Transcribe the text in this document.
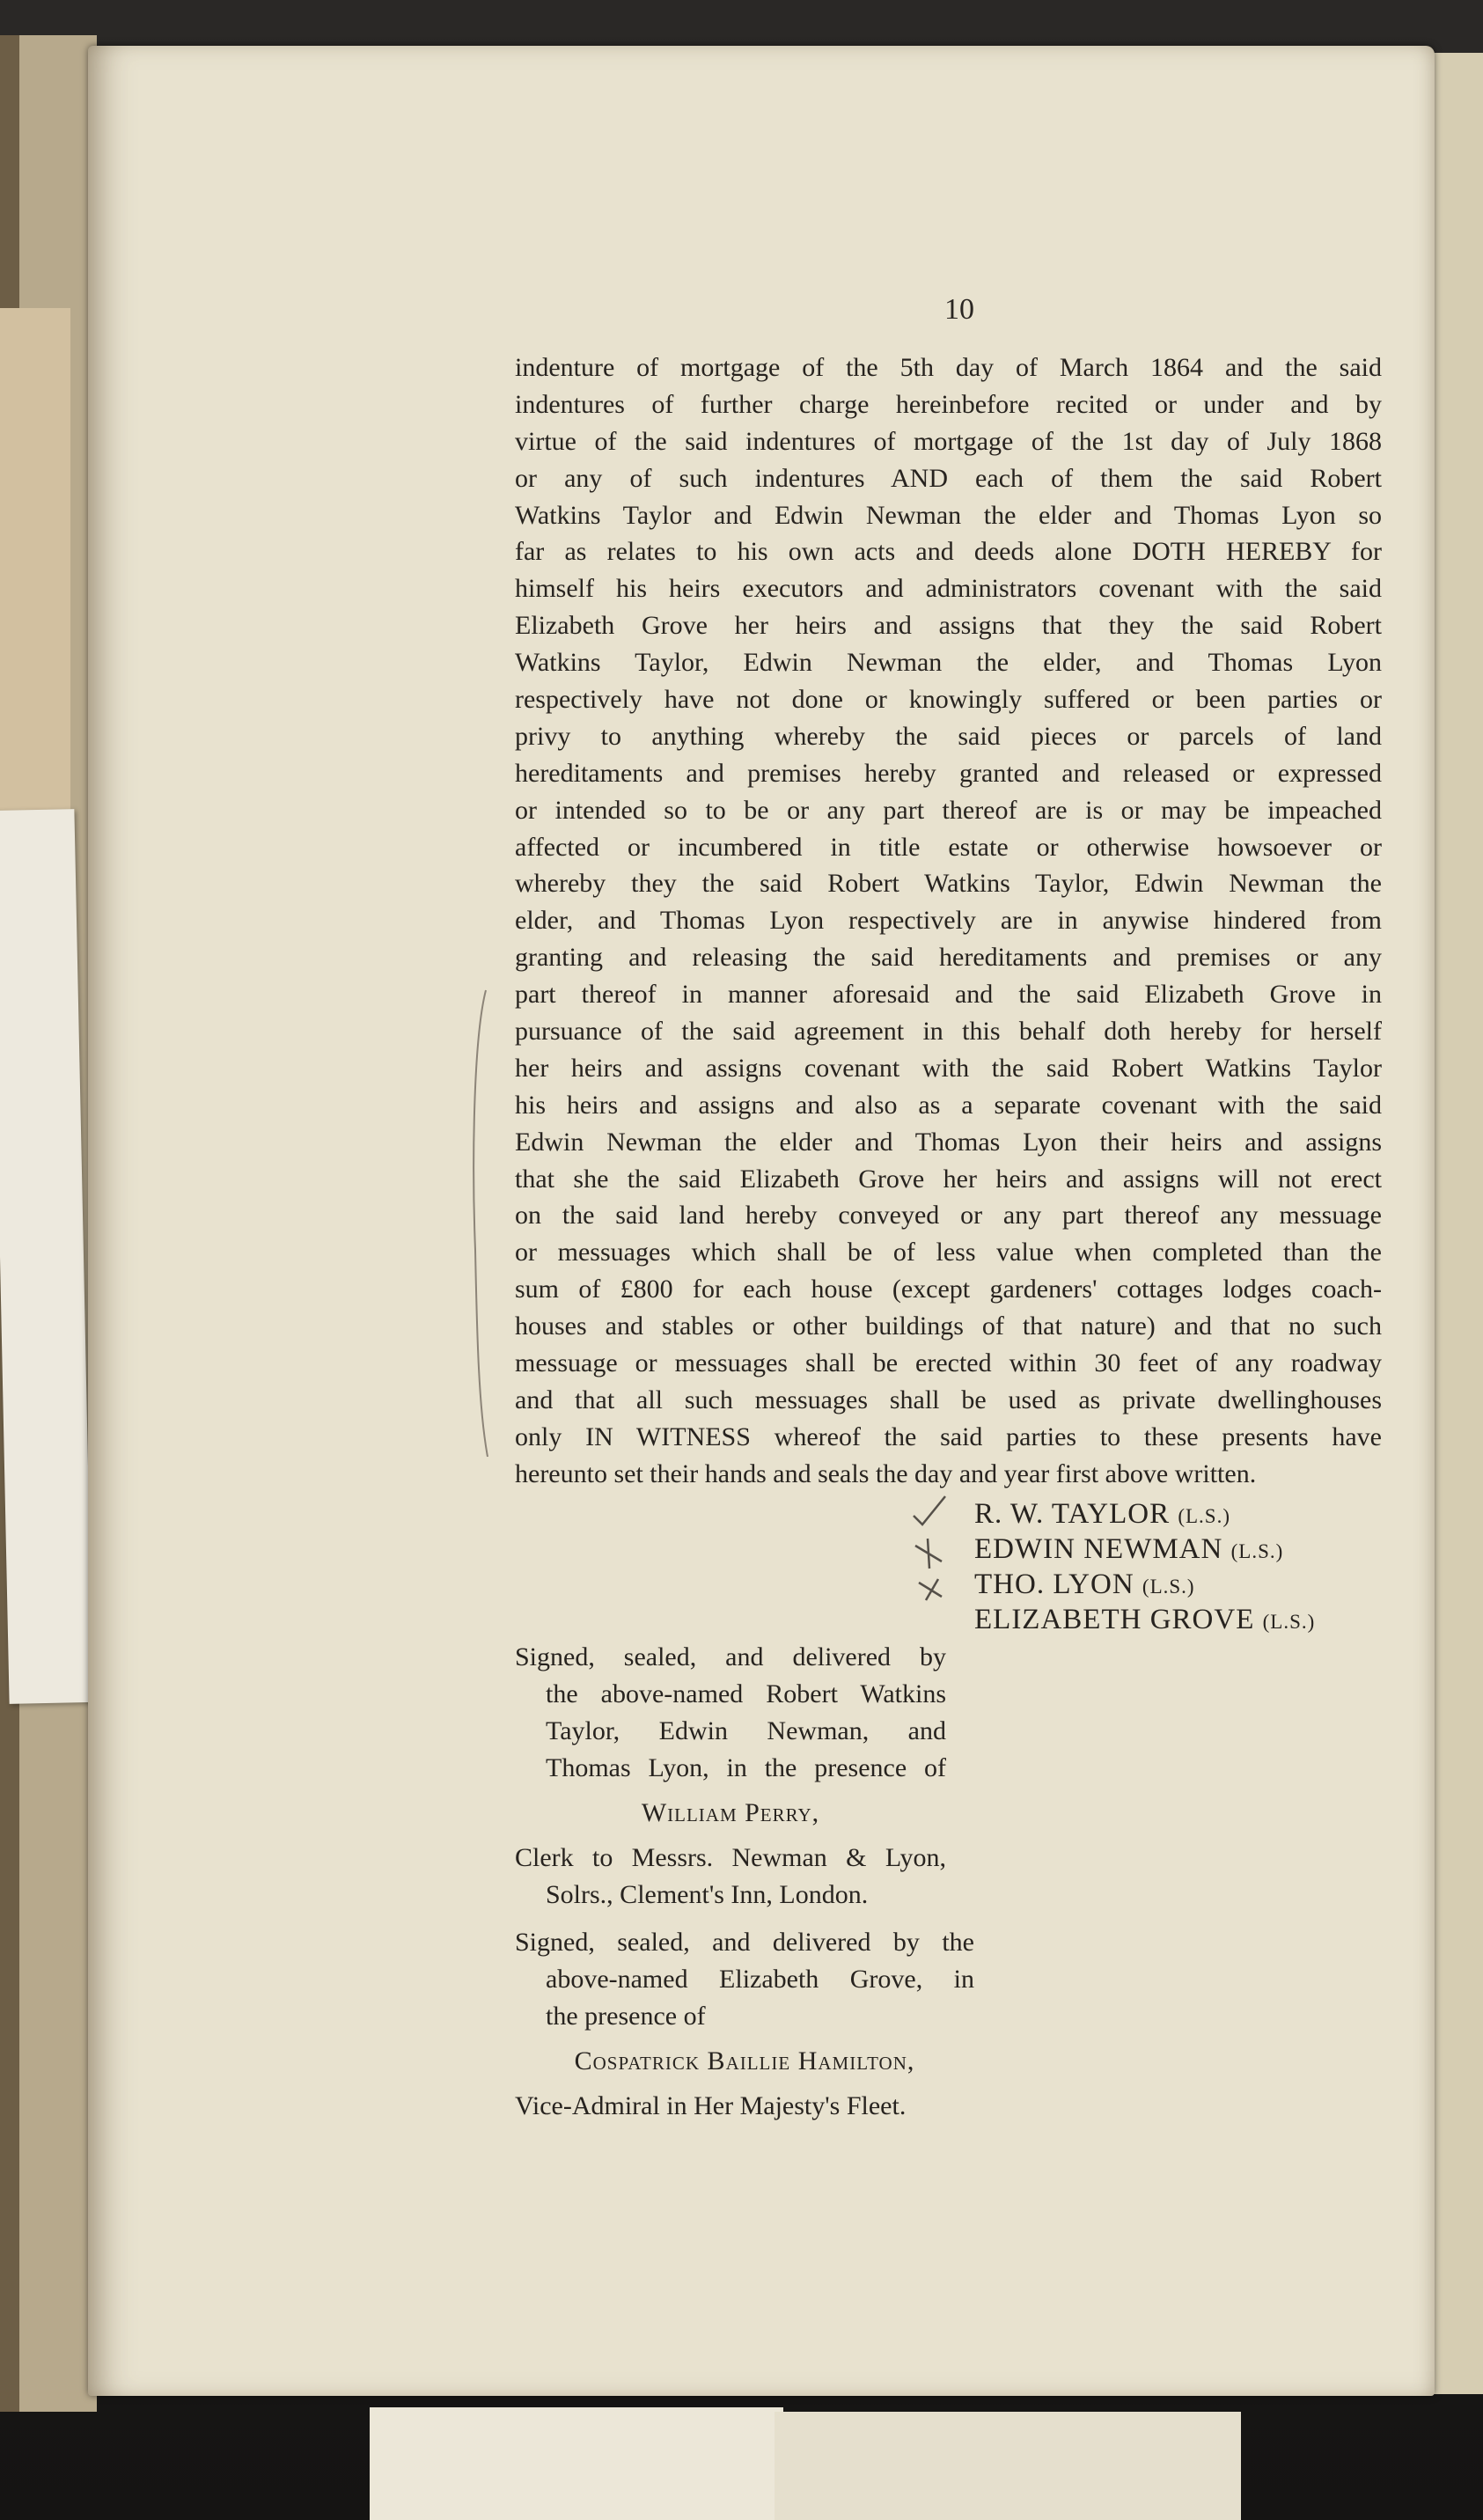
10
indenture of mortgage of the 5th day of March 1864 and the said
indentures of further charge hereinbefore recited or under and by
virtue of the said indentures of mortgage of the 1st day of July 1868
or any of such indentures AND each of them the said Robert
Watkins Taylor and Edwin Newman the elder and Thomas Lyon so
far as relates to his own acts and deeds alone DOTH HEREBY for
himself his heirs executors and administrators covenant with the said
Elizabeth Grove her heirs and assigns that they the said Robert
Watkins Taylor, Edwin Newman the elder, and Thomas Lyon
respectively have not done or knowingly suffered or been parties or
privy to anything whereby the said pieces or parcels of land
hereditaments and premises hereby granted and released or expressed
or intended so to be or any part thereof are is or may be impeached
affected or incumbered in title estate or otherwise howsoever or
whereby they the said Robert Watkins Taylor, Edwin Newman the
elder, and Thomas Lyon respectively are in anywise hindered from
granting and releasing the said hereditaments and premises or any
part thereof in manner aforesaid and the said Elizabeth Grove in
pursuance of the said agreement in this behalf doth hereby for herself
her heirs and assigns covenant with the said Robert Watkins Taylor
his heirs and assigns and also as a separate covenant with the said
Edwin Newman the elder and Thomas Lyon their heirs and assigns
that she the said Elizabeth Grove her heirs and assigns will not erect
on the said land hereby conveyed or any part thereof any messuage
or messuages which shall be of less value when completed than the
sum of £800 for each house (except gardeners' cottages lodges coach-
houses and stables or other buildings of that nature) and that no such
messuage or messuages shall be erected within 30 feet of any roadway
and that all such messuages shall be used as private dwellinghouses
only IN WITNESS whereof the said parties to these presents have
hereunto set their hands and seals the day and year first above written.
R. W. TAYLOR (L.S.)
EDWIN NEWMAN (L.S.)
THO. LYON (L.S.)
ELIZABETH GROVE (L.S.)
Signed, sealed, and delivered by
the above-named Robert Watkins
Taylor, Edwin Newman, and
Thomas Lyon, in the presence of
William Perry,
Clerk to Messrs. Newman & Lyon,
Solrs., Clement's Inn, London.
Signed, sealed, and delivered by the
above-named Elizabeth Grove, in
the presence of
Cospatrick Baillie Hamilton,
Vice-Admiral in Her Majesty's Fleet.
